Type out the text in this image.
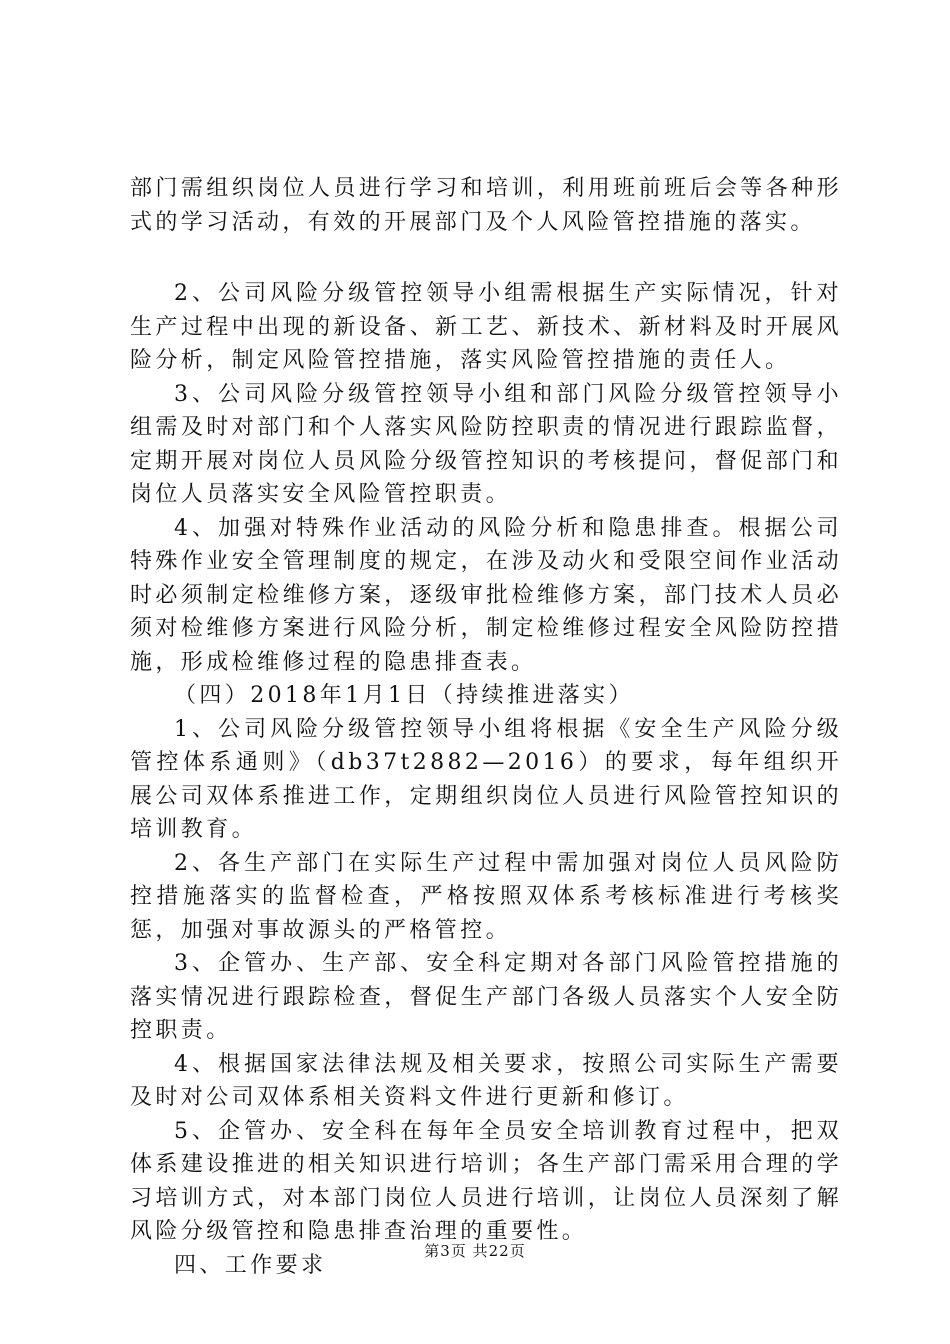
部门需组织岗位人员进行学习和培训，利用班前班后会等各种形式的学习活动，有效的开展部门及个人风险管控措施的落实。

2、公司风险分级管控领导小组需根据生产实际情况，针对生产过程中出现的新设备、新工艺、新技术、新材料及时开展风险分析，制定风险管控措施，落实风险管控措施的责任人。

3、公司风险分级管控领导小组和部门风险分级管控领导小组需及时对部门和个人落实风险防控职责的情况进行跟踪监督，定期开展对岗位人员风险分级管控知识的考核提问，督促部门和岗位人员落实安全风险管控职责。

4、加强对特殊作业活动的风险分析和隐患排查。根据公司特殊作业安全管理制度的规定，在涉及动火和受限空间作业活动时必须制定检维修方案，逐级审批检维修方案，部门技术人员必须对检维修方案进行风险分析，制定检维修过程安全风险防控措施，形成检维修过程的隐患排查表。

（四）2018年1月1日（持续推进落实）

1、公司风险分级管控领导小组将根据《安全生产风险分级管控体系通则》（db37t2882—2016）的要求，每年组织开展公司双体系推进工作，定期组织岗位人员进行风险管控知识的培训教育。

2、各生产部门在实际生产过程中需加强对岗位人员风险防控措施落实的监督检查，严格按照双体系考核标准进行考核奖惩，加强对事故源头的严格管控。

3、企管办、生产部、安全科定期对各部门风险管控措施的落实情况进行跟踪检查，督促生产部门各级人员落实个人安全防控职责。

4、根据国家法律法规及相关要求，按照公司实际生产需要及时对公司双体系相关资料文件进行更新和修订。

5、企管办、安全科在每年全员安全培训教育过程中，把双体系建设推进的相关知识进行培训；各生产部门需采用合理的学习培训方式，对本部门岗位人员进行培训，让岗位人员深刻了解风险分级管控和隐患排查治理的重要性。

四、工作要求

第3页 共22页
